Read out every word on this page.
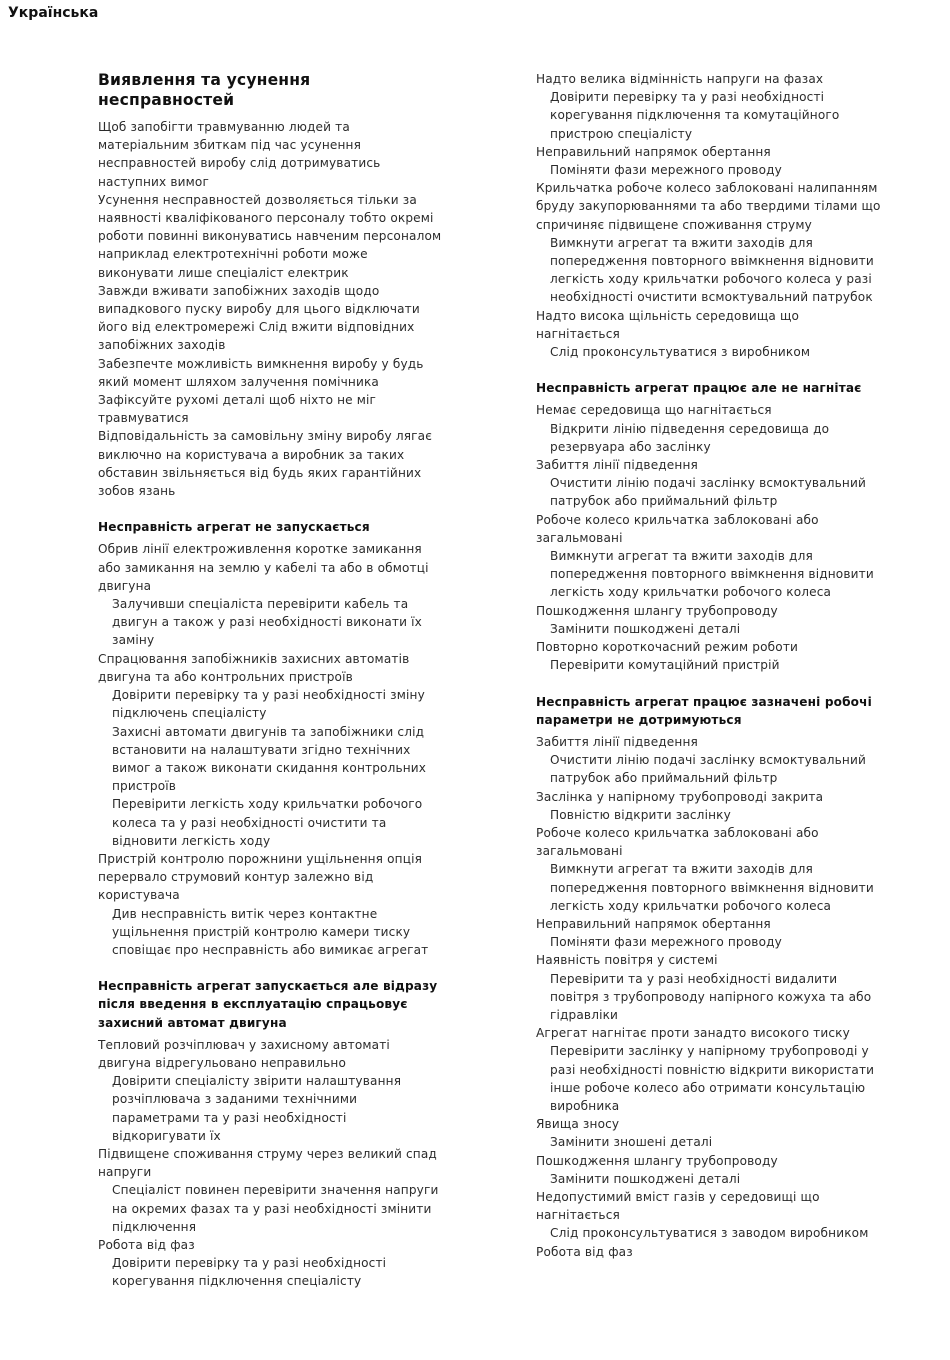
Українська
Виявлення та усунення несправностей
Щоб запобігти травмуванню людей та матеріальним збиткам під час усунення несправностей виробу слід дотримуватись наступних вимог
Усунення несправностей дозволяється тільки за наявності кваліфікованого персоналу тобто окремі роботи повинні виконуватись навченим персоналом наприклад електротехнічні роботи може виконувати лише спеціаліст електрик
Завжди вживати запобіжних заходів щодо випадкового пуску виробу для цього відключати його від електромережі Слід вжити відповідних запобіжних заходів
Забезпечте можливість вимкнення виробу у будь який момент шляхом залучення помічника
Зафіксуйте рухомі деталі щоб ніхто не міг травмуватися
Відповідальність за самовільну зміну виробу лягає виключно на користувача а виробник за таких обставин звільняється від будь яких гарантійних зобов язань
Несправність агрегат не запускається
Обрив лінії електроживлення коротке замикання або замикання на землю у кабелі та або в обмотці двигуна
Залучивши спеціаліста перевірити кабель та двигун а також у разі необхідності виконати їх заміну
Спрацювання запобіжників захисних автоматів двигуна та або контрольних пристроїв
Довірити перевірку та у разі необхідності зміну підключень спеціалісту
Захисні автомати двигунів та запобіжники слід встановити на налаштувати згідно технічних вимог а також виконати скидання контрольних пристроїв
Перевірити легкість ходу крильчатки робочого колеса та у разі необхідності очистити та відновити легкість ходу
Пристрій контролю порожнини ущільнення опція перервало струмовий контур залежно від користувача
Див несправність витік через контактне ущільнення пристрій контролю камери тиску сповіщає про несправність або вимикає агрегат
Несправність агрегат запускається але відразу після введення в експлуатацію спрацьовує захисний автомат двигуна
Тепловий розчіплювач у захисному автоматі двигуна відрегульовано неправильно
Довірити спеціалісту звірити налаштування розчіплювача з заданими технічними параметрами та у разі необхідності відкоригувати їх
Підвищене споживання струму через великий спад напруги
Спеціаліст повинен перевірити значення напруги на окремих фазах та у разі необхідності змінити підключення
Робота від фаз
Довірити перевірку та у разі необхідності корегування підключення спеціалісту
Надто велика відмінність напруги на фазах
Довірити перевірку та у разі необхідності корегування підключення та комутаційного пристрою спеціалісту
Неправильний напрямок обертання
Поміняти фази мережного проводу
Крильчатка робоче колесо заблоковані налипанням бруду закупорюваннями та або твердими тілами що спричиняє підвищене споживання струму
Вимкнути агрегат та вжити заходів для попередження повторного ввімкнення відновити легкість ходу крильчатки робочого колеса у разі необхідності очистити всмоктувальний патрубок
Надто висока щільність середовища що нагнітається
Слід проконсультуватися з виробником
Несправність агрегат працює але не нагнітає
Немає середовища що нагнітається
Відкрити лінію підведення середовища до резервуара або заслінку
Забиття лінії підведення
Очистити лінію подачі заслінку всмоктувальний патрубок або приймальний фільтр
Робоче колесо крильчатка заблоковані або загальмовані
Вимкнути агрегат та вжити заходів для попередження повторного ввімкнення відновити легкість ходу крильчатки робочого колеса
Пошкодження шлангу трубопроводу
Замінити пошкоджені деталі
Повторно короткочасний режим роботи
Перевірити комутаційний пристрій
Несправність агрегат працює зазначені робочі параметри не дотримуються
Забиття лінії підведення
Очистити лінію подачі заслінку всмоктувальний патрубок або приймальний фільтр
Заслінка у напірному трубопроводі закрита
Повністю відкрити заслінку
Робоче колесо крильчатка заблоковані або загальмовані
Вимкнути агрегат та вжити заходів для попередження повторного ввімкнення відновити легкість ходу крильчатки робочого колеса
Неправильний напрямок обертання
Поміняти фази мережного проводу
Наявність повітря у системі
Перевірити та у разі необхідності видалити повітря з трубопроводу напірного кожуха та або гідравліки
Агрегат нагнітає проти занадто високого тиску
Перевірити заслінку у напірному трубопроводі у разі необхідності повністю відкрити використати інше робоче колесо або отримати консультацію виробника
Явища зносу
Замінити зношені деталі
Пошкодження шлангу трубопроводу
Замінити пошкоджені деталі
Недопустимий вміст газів у середовищі що нагнітається
Слід проконсультуватися з заводом виробником
Робота від фаз
